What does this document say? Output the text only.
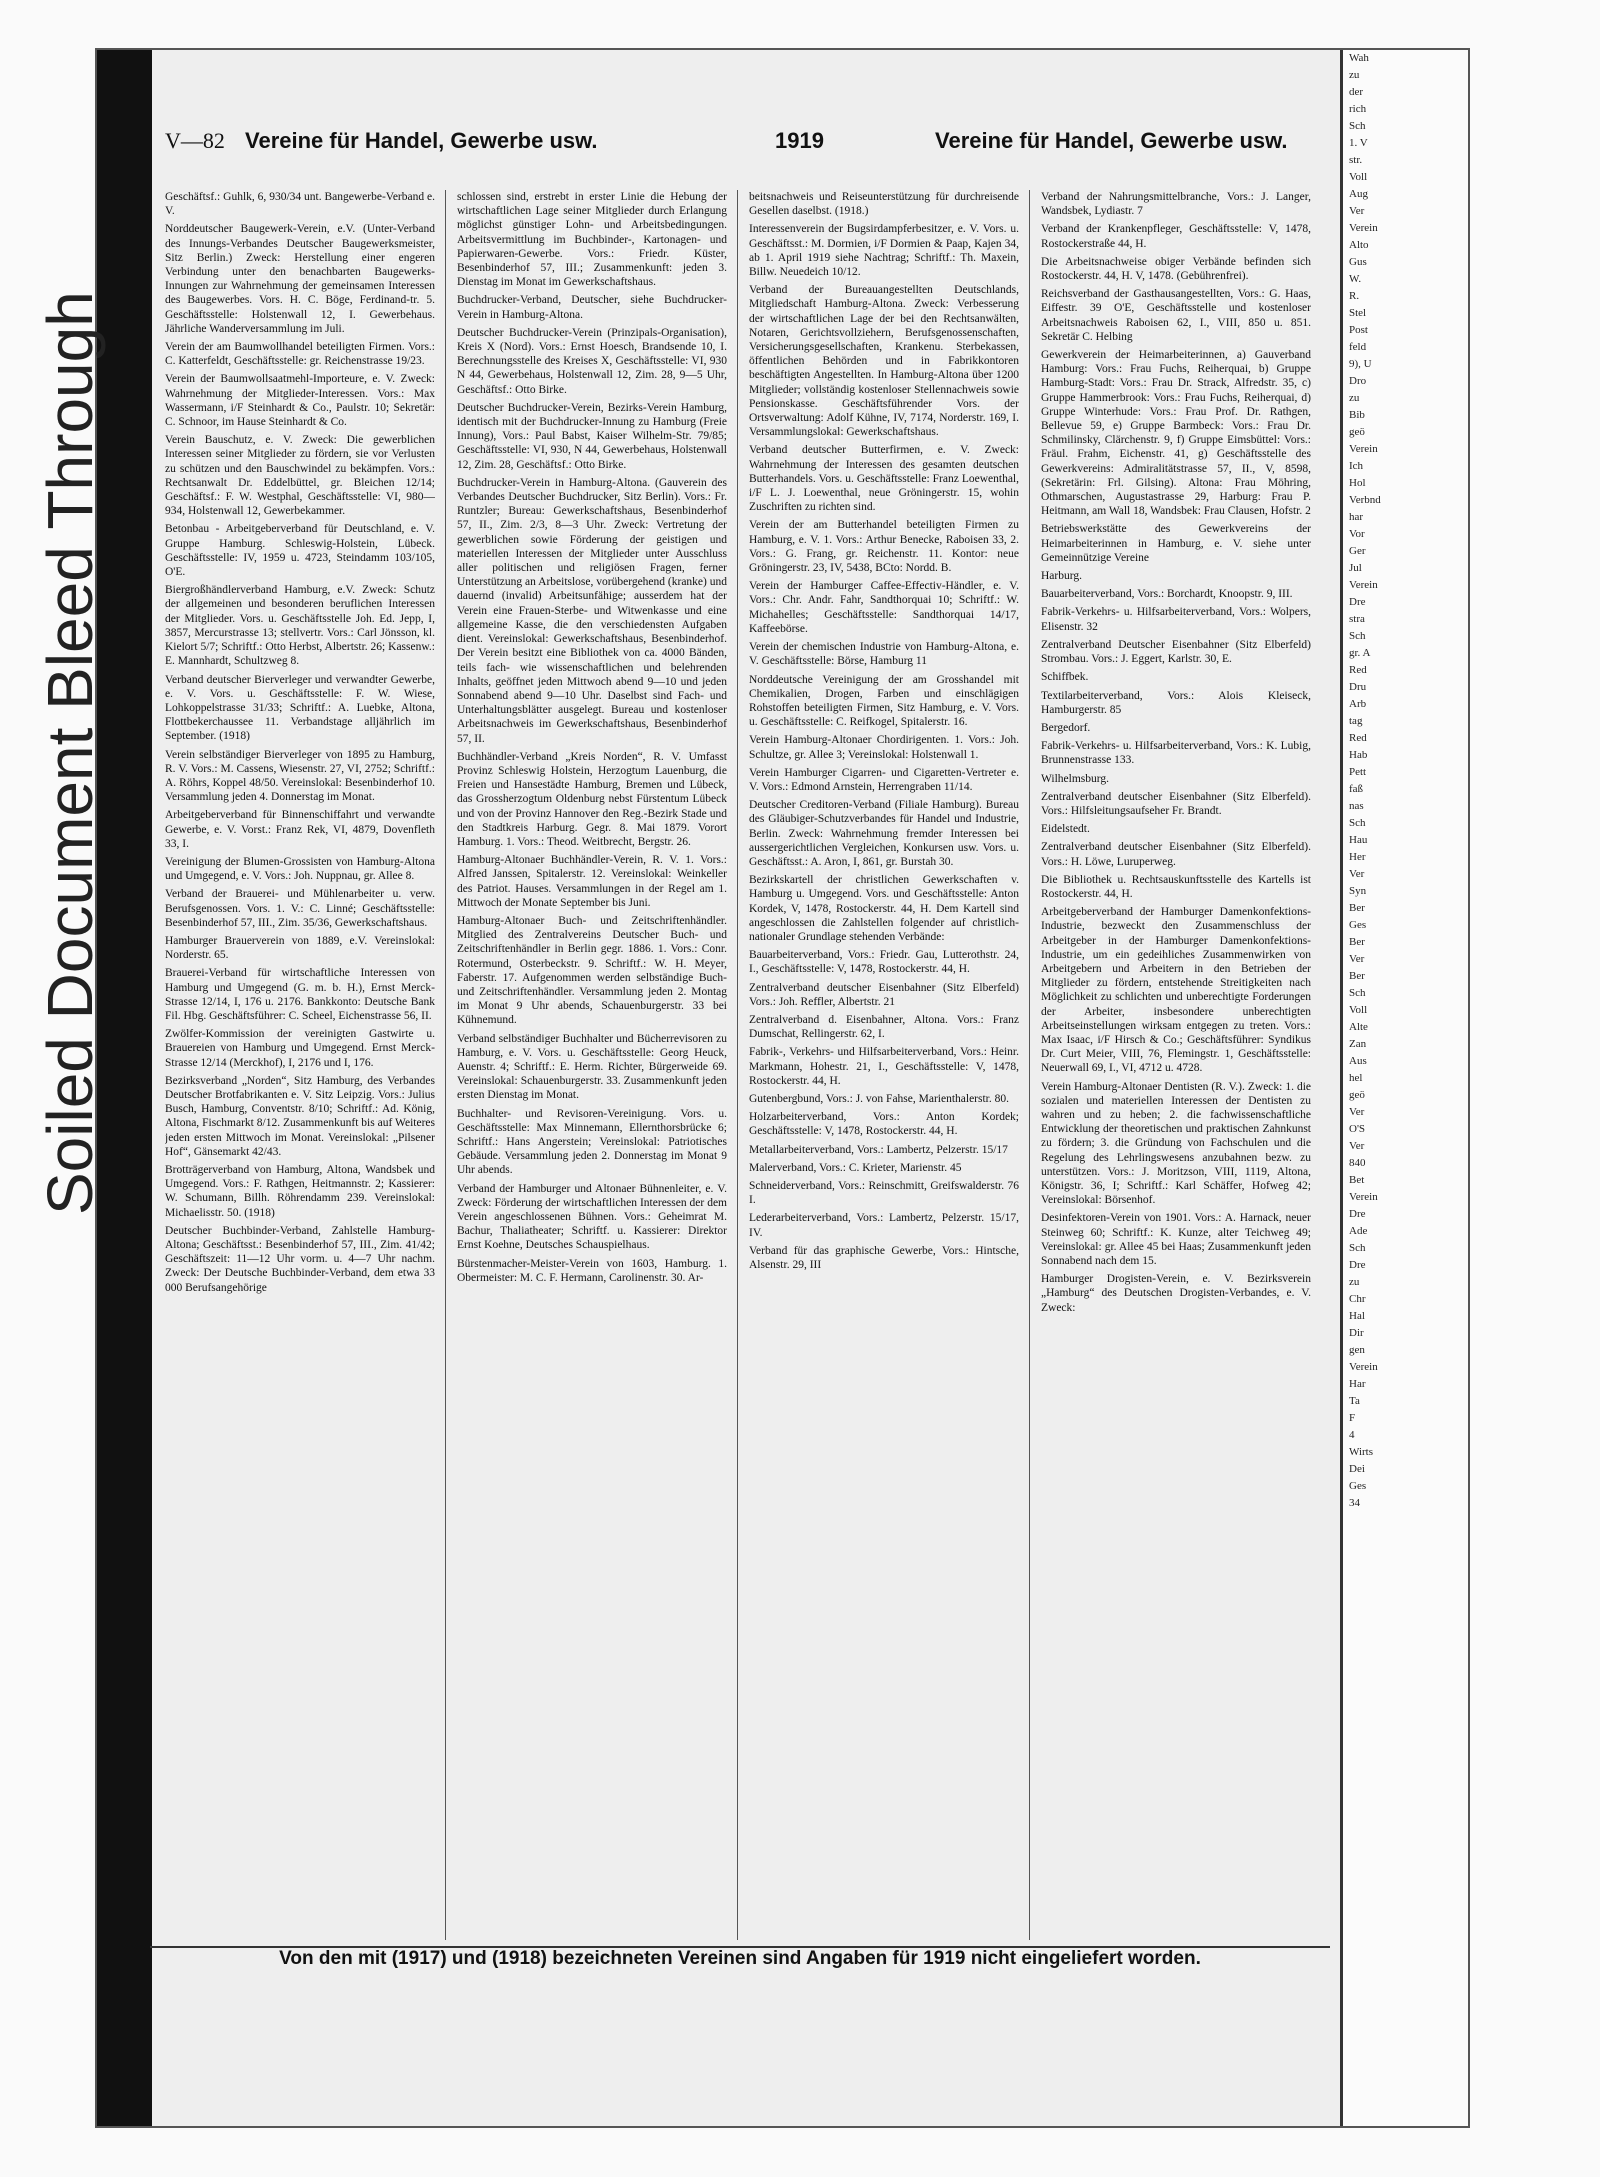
Wah
zu
der
rich
Sch
1. V
str.
Voll
Aug
Ver
Verein
Alto
Gus
W.
R.
Stel
Post
feld
9), U
Dro
zu
Bib
geö
Verein
Ich
Hol
Verbnd
har
Vor
Ger
Jul
Verein
Dre
stra
Sch
gr. A
Red
Dru
Arb
tag
Red
Hab
Pett
faß
nas
Sch
Hau
Her
Ver
Syn
Ber
Ges
Ber
Ver
Ber
Sch
Voll
Alte
Zan
Aus
hel
geö
Ver
O'S
Ver
840
Bet
Verein
Dre
Ade
Sch
Dre
zu
Chr
Hal
Dir
gen
Verein
Har
Ta
F
4
Wirts
Dei
Ges
34
Soiled Document Bleed Through
V—82 Vereine für Handel, Gewerbe usw.	1919	Vereine für Handel, Gewerbe usw.

Geschäftsf.: Guhlk, 6, 930/34 unt. Bangewerbe-Verband e. V.

Norddeutscher Baugewerk-Verein, e.V. (Unter-Verband des Innungs-Verbandes Deutscher Baugewerksmeister, Sitz Berlin.) Zweck: Herstellung einer engeren Verbindung unter den benachbarten Baugewerks-Innungen zur Wahrnehmung der gemeinsamen Interessen des Baugewerbes. Vors. H. C. Böge, Ferdinand-tr. 5. Geschäftsstelle: Holstenwall 12, I. Gewerbehaus. Jährliche Wanderversammlung im Juli.

Verein der am Baumwollhandel beteiligten Firmen. Vors.: C. Katterfeldt, Geschäftsstelle: gr. Reichenstrasse 19/23.

Verein der Baumwollsaatmehl-Importeure, e. V. Zweck: Wahrnehmung der Mitglieder-Interessen. Vors.: Max Wassermann, i/F Steinhardt & Co., Paulstr. 10; Sekretär: C. Schnoor, im Hause Steinhardt & Co.

Verein Bauschutz, e. V. Zweck: Die gewerblichen Interessen seiner Mitglieder zu fördern, sie vor Verlusten zu schützen und den Bauschwindel zu bekämpfen. Vors.: Rechtsanwalt Dr. Eddelbüttel, gr. Bleichen 12/14; Geschäftsf.: F. W. Westphal, Geschäftsstelle: VI, 980—934, Holstenwall 12, Gewerbekammer.

Betonbau - Arbeitgeberverband für Deutschland, e. V. Gruppe Hamburg. Schleswig-Holstein, Lübeck. Geschäftsstelle: IV, 1959 u. 4723, Steindamm 103/105, O'E.

Biergroßhändlerverband Hamburg, e.V. Zweck: Schutz der allgemeinen und besonderen beruflichen Interessen der Mitglieder. Vors. u. Geschäftsstelle Joh. Ed. Jepp, I, 3857, Mercurstrasse 13; stellvertr. Vors.: Carl Jönsson, kl. Kielort 5/7; Schriftf.: Otto Herbst, Albertstr. 26; Kassenw.: E. Mannhardt, Schultzweg 8.

Verband deutscher Bierverleger und verwandter Gewerbe, e. V. Vors. u. Geschäftsstelle: F. W. Wiese, Lohkoppelstrasse 31/33; Schriftf.: A. Luebke, Altona, Flottbekerchaussee 11. Verbandstage alljährlich im September. (1918)

Verein selbständiger Bierverleger von 1895 zu Hamburg, R. V. Vors.: M. Cassens, Wiesenstr. 27, VI, 2752; Schriftf.: A. Röhrs, Koppel 48/50. Vereinslokal: Besenbinderhof 10. Versammlung jeden 4. Donnerstag im Monat.

Arbeitgeberverband für Binnenschiffahrt und verwandte Gewerbe, e. V. Vorst.: Franz Rek, VI, 4879, Dovenfleth 33, I.

Vereinigung der Blumen-Grossisten von Hamburg-Altona und Umgegend, e. V. Vors.: Joh. Nuppnau, gr. Allee 8.

Verband der Brauerei- und Mühlenarbeiter u. verw. Berufsgenossen. Vors. 1. V.: C. Linné; Geschäftsstelle: Besenbinderhof 57, III., Zim. 35/36, Gewerkschaftshaus.

Hamburger Brauerverein von 1889, e.V. Vereinslokal: Norderstr. 65.

Brauerei-Verband für wirtschaftliche Interessen von Hamburg und Umgegend (G. m. b. H.), Ernst Merck-Strasse 12/14, I, 176 u. 2176. Bankkonto: Deutsche Bank Fil. Hbg. Geschäftsführer: C. Scheel, Eichenstrasse 56, II.

Zwölfer-Kommission der vereinigten Gastwirte u. Brauereien von Hamburg und Umgegend. Ernst Merck-Strasse 12/14 (Merckhof), I, 2176 und I, 176.

Bezirksverband „Norden“, Sitz Hamburg, des Verbandes Deutscher Brotfabrikanten e. V. Sitz Leipzig. Vors.: Julius Busch, Hamburg, Conventstr. 8/10; Schriftf.: Ad. König, Altona, Fischmarkt 8/12. Zusammenkunft bis auf Weiteres jeden ersten Mittwoch im Monat. Vereinslokal: „Pilsener Hof“, Gänsemarkt 42/43.

Brotträgerverband von Hamburg, Altona, Wandsbek und Umgegend. Vors.: F. Rathgen, Heitmannstr. 2; Kassierer: W. Schumann, Billh. Röhrendamm 239. Vereinslokal: Michaelisstr. 50. (1918)

Deutscher Buchbinder-Verband, Zahlstelle Hamburg-Altona; Geschäftsst.: Besenbinderhof 57, III., Zim. 41/42; Geschäftszeit: 11—12 Uhr vorm. u. 4—7 Uhr nachm. Zweck: Der Deutsche Buchbinder-Verband, dem etwa 33 000 Berufsangehörige

schlossen sind, erstrebt in erster Linie die Hebung der wirtschaftlichen Lage seiner Mitglieder durch Erlangung möglichst günstiger Lohn- und Arbeitsbedingungen. Arbeitsvermittlung im Buchbinder-, Kartonagen- und Papierwaren-Gewerbe. Vors.: Friedr. Küster, Besenbinderhof 57, III.; Zusammenkunft: jeden 3. Dienstag im Monat im Gewerkschaftshaus.

Buchdrucker-Verband, Deutscher, siehe Buchdrucker-Verein in Hamburg-Altona.

Deutscher Buchdrucker-Verein (Prinzipals-Organisation), Kreis X (Nord). Vors.: Ernst Hoesch, Brandsende 10, I. Berechnungsstelle des Kreises X, Geschäftsstelle: VI, 930 N 44, Gewerbehaus, Holstenwall 12, Zim. 28, 9—5 Uhr, Geschäftsf.: Otto Birke.

Deutscher Buchdrucker-Verein, Bezirks-Verein Hamburg, identisch mit der Buchdrucker-Innung zu Hamburg (Freie Innung), Vors.: Paul Babst, Kaiser Wilhelm-Str. 79/85; Geschäftsstelle: VI, 930, N 44, Gewerbehaus, Holstenwall 12, Zim. 28, Geschäftsf.: Otto Birke.

Buchdrucker-Verein in Hamburg-Altona. (Gauverein des Verbandes Deutscher Buchdrucker, Sitz Berlin). Vors.: Fr. Runtzler; Bureau: Gewerkschaftshaus, Besenbinderhof 57, II., Zim. 2/3, 8—3 Uhr. Zweck: Vertretung der gewerblichen sowie Förderung der geistigen und materiellen Interessen der Mitglieder unter Ausschluss aller politischen und religiösen Fragen, ferner Unterstützung an Arbeitslose, vorübergehend (kranke) und dauernd (invalid) Arbeitsunfähige; ausserdem hat der Verein eine Frauen-Sterbe- und Witwenkasse und eine allgemeine Kasse, die den verschiedensten Aufgaben dient. Vereinslokal: Gewerkschaftshaus, Besenbinderhof. Der Verein besitzt eine Bibliothek von ca. 4000 Bänden, teils fach- wie wissenschaftlichen und belehrenden Inhalts, geöffnet jeden Mittwoch abend 9—10 und jeden Sonnabend abend 9—10 Uhr. Daselbst sind Fach- und Unterhaltungsblätter ausgelegt. Bureau und kostenloser Arbeitsnachweis im Gewerkschaftshaus, Besenbinderhof 57, II.

Buchhändler-Verband „Kreis Norden“, R. V. Umfasst Provinz Schleswig Holstein, Herzogtum Lauenburg, die Freien und Hansestädte Hamburg, Bremen und Lübeck, das Grossherzogtum Oldenburg nebst Fürstentum Lübeck und von der Provinz Hannover den Reg.-Bezirk Stade und den Stadtkreis Harburg. Gegr. 8. Mai 1879. Vorort Hamburg. 1. Vors.: Theod. Weitbrecht, Bergstr. 26.

Hamburg-Altonaer Buchhändler-Verein, R. V. 1. Vors.: Alfred Janssen, Spitalerstr. 12. Vereinslokal: Weinkeller des Patriot. Hauses. Versammlungen in der Regel am 1. Mittwoch der Monate September bis Juni.

Hamburg-Altonaer Buch- und Zeitschriftenhändler. Mitglied des Zentralvereins Deutscher Buch- und Zeitschriftenhändler in Berlin gegr. 1886. 1. Vors.: Conr. Rotermund, Osterbeckstr. 9. Schriftf.: W. H. Meyer, Faberstr. 17. Aufgenommen werden selbständige Buch- und Zeitschriftenhändler. Versammlung jeden 2. Montag im Monat 9 Uhr abends, Schauenburgerstr. 33 bei Kühnemund.

Verband selbständiger Buchhalter und Bücherrevisoren zu Hamburg, e. V. Vors. u. Geschäftsstelle: Georg Heuck, Auenstr. 4; Schriftf.: E. Herm. Richter, Bürgerweide 69. Vereinslokal: Schauenburgerstr. 33. Zusammenkunft jeden ersten Dienstag im Monat.

Buchhalter- und Revisoren-Vereinigung. Vors. u. Geschäftsstelle: Max Minnemann, Ellernthorsbrücke 6; Schriftf.: Hans Angerstein; Vereinslokal: Patriotisches Gebäude. Versammlung jeden 2. Donnerstag im Monat 9 Uhr abends.

Verband der Hamburger und Altonaer Bühnenleiter, e. V. Zweck: Förderung der wirtschaftlichen Interessen der dem Verein angeschlossenen Bühnen. Vors.: Geheimrat M. Bachur, Thaliatheater; Schriftf. u. Kassierer: Direktor Ernst Koehne, Deutsches Schauspielhaus.

Bürstenmacher-Meister-Verein von 1603, Hamburg. 1. Obermeister: M. C. F. Hermann, Carolinenstr. 30. Ar-

beitsnachweis und Reiseunterstützung für durchreisende Gesellen daselbst. (1918.)

Interessenverein der Bugsirdampferbesitzer, e. V. Vors. u. Geschäftsst.: M. Dormien, i/F Dormien & Paap, Kajen 34, ab 1. April 1919 siehe Nachtrag; Schriftf.: Th. Maxein, Billw. Neuedeich 10/12.

Verband der Bureauangestellten Deutschlands, Mitgliedschaft Hamburg-Altona. Zweck: Verbesserung der wirtschaftlichen Lage der bei den Rechtsanwälten, Notaren, Gerichtsvollziehern, Berufsgenossenschaften, Versicherungsgesellschaften, Krankenu. Sterbekassen, öffentlichen Behörden und in Fabrikkontoren beschäftigten Angestellten. In Hamburg-Altona über 1200 Mitglieder; vollständig kostenloser Stellennachweis sowie Pensionskasse. Geschäftsführender Vors. der Ortsverwaltung: Adolf Kühne, IV, 7174, Norderstr. 169, I. Versammlungslokal: Gewerkschaftshaus.

Verband deutscher Butterfirmen, e. V. Zweck: Wahrnehmung der Interessen des gesamten deutschen Butterhandels. Vors. u. Geschäftsstelle: Franz Loewenthal, i/F L. J. Loewenthal, neue Gröningerstr. 15, wohin Zuschriften zu richten sind.

Verein der am Butterhandel beteiligten Firmen zu Hamburg, e. V. 1. Vors.: Arthur Benecke, Raboisen 33, 2. Vors.: G. Frang, gr. Reichenstr. 11. Kontor: neue Gröningerstr. 23, IV, 5438, BCto: Nordd. B.

Verein der Hamburger Caffee-Effectiv-Händler, e. V. Vors.: Chr. Andr. Fahr, Sandthorquai 10; Schriftf.: W. Michahelles; Geschäftsstelle: Sandthorquai 14/17, Kaffeebörse.

Verein der chemischen Industrie von Hamburg-Altona, e. V. Geschäftsstelle: Börse, Hamburg 11

Norddeutsche Vereinigung der am Grosshandel mit Chemikalien, Drogen, Farben und einschlägigen Rohstoffen beteiligten Firmen, Sitz Hamburg, e. V. Vors. u. Geschäftsstelle: C. Reifkogel, Spitalerstr. 16.

Verein Hamburg-Altonaer Chordirigenten. 1. Vors.: Joh. Schultze, gr. Allee 3; Vereinslokal: Holstenwall 1.

Verein Hamburger Cigarren- und Cigaretten-Vertreter e. V. Vors.: Edmond Arnstein, Herrengraben 11/14.

Deutscher Creditoren-Verband (Filiale Hamburg). Bureau des Gläubiger-Schutzverbandes für Handel und Industrie, Berlin. Zweck: Wahrnehmung fremder Interessen bei aussergerichtlichen Vergleichen, Konkursen usw. Vors. u. Geschäftsst.: A. Aron, I, 861, gr. Burstah 30.

Bezirkskartell der christlichen Gewerkschaften v. Hamburg u. Umgegend. Vors. und Geschäftsstelle: Anton Kordek, V, 1478, Rostockerstr. 44, H. Dem Kartell sind angeschlossen die Zahlstellen folgender auf christlich-nationaler Grundlage stehenden Verbände:

Bauarbeiterverband, Vors.: Friedr. Gau, Lutterothstr. 24, I., Geschäftsstelle: V, 1478, Rostockerstr. 44, H.

Zentralverband deutscher Eisenbahner (Sitz Elberfeld) Vors.: Joh. Reffler, Albertstr. 21

Zentralverband d. Eisenbahner, Altona. Vors.: Franz Dumschat, Rellingerstr. 62, I.

Fabrik-, Verkehrs- und Hilfsarbeiterverband, Vors.: Heinr. Markmann, Hohestr. 21, I., Geschäftsstelle: V, 1478, Rostockerstr. 44, H.

Gutenbergbund, Vors.: J. von Fahse, Marienthalerstr. 80.

Holzarbeiterverband, Vors.: Anton Kordek; Geschäftsstelle: V, 1478, Rostockerstr. 44, H.

Metallarbeiterverband, Vors.: Lambertz, Pelzerstr. 15/17

Malerverband, Vors.: C. Krieter, Marienstr. 45

Schneiderverband, Vors.: Reinschmitt, Greifswalderstr. 76 I.

Lederarbeiterverband, Vors.: Lambertz, Pelzerstr. 15/17, IV.

Verband für das graphische Gewerbe, Vors.: Hintsche, Alsenstr. 29, III

Verband der Nahrungsmittelbranche, Vors.: J. Langer, Wandsbek, Lydiastr. 7

Verband der Krankenpfleger, Geschäftsstelle: V, 1478, Rostockerstraße 44, H.

Die Arbeitsnachweise obiger Verbände befinden sich Rostockerstr. 44, H. V, 1478. (Gebührenfrei).

Reichsverband der Gasthausangestellten, Vors.: G. Haas, Eiffestr. 39 O'E, Geschäftsstelle und kostenloser Arbeitsnachweis Raboisen 62, I., VIII, 850 u. 851. Sekretär C. Helbing

Gewerkverein der Heimarbeiterinnen, a) Gauverband Hamburg: Vors.: Frau Fuchs, Reiherquai, b) Gruppe Hamburg-Stadt: Vors.: Frau Dr. Strack, Alfredstr. 35, c) Gruppe Hammerbrook: Vors.: Frau Fuchs, Reiherquai, d) Gruppe Winterhude: Vors.: Frau Prof. Dr. Rathgen, Bellevue 59, e) Gruppe Barmbeck: Vors.: Frau Dr. Schmilinsky, Clärchenstr. 9, f) Gruppe Eimsbüttel: Vors.: Fräul. Frahm, Eichenstr. 41, g) Geschäftsstelle des Gewerkvereins: Admiralitätstrasse 57, II., V, 8598, (Sekretärin: Frl. Gilsing). Altona: Frau Möhring, Othmarschen, Augustastrasse 29, Harburg: Frau P. Heitmann, am Wall 18, Wandsbek: Frau Clausen, Hofstr. 2

Betriebswerkstätte des Gewerkvereins der Heimarbeiterinnen in Hamburg, e. V. siehe unter Gemeinnützige Vereine

Harburg.

Bauarbeiterverband, Vors.: Borchardt, Knoopstr. 9, III.

Fabrik-Verkehrs- u. Hilfsarbeiterverband, Vors.: Wolpers, Elisenstr. 32

Zentralverband Deutscher Eisenbahner (Sitz Elberfeld) Strombau. Vors.: J. Eggert, Karlstr. 30, E.

Schiffbek.

Textilarbeiterverband, Vors.: Alois Kleiseck, Hamburgerstr. 85

Bergedorf.

Fabrik-Verkehrs- u. Hilfsarbeiterverband, Vors.: K. Lubig, Brunnenstrasse 133.

Wilhelmsburg.

Zentralverband deutscher Eisenbahner (Sitz Elberfeld). Vors.: Hilfsleitungsaufseher Fr. Brandt.

Eidelstedt.

Zentralverband deutscher Eisenbahner (Sitz Elberfeld). Vors.: H. Löwe, Luruperweg.

Die Bibliothek u. Rechtsauskunftsstelle des Kartells ist Rostockerstr. 44, H.

Arbeitgeberverband der Hamburger Damenkonfektions-Industrie, bezweckt den Zusammenschluss der Arbeitgeber in der Hamburger Damenkonfektions-Industrie, um ein gedeihliches Zusammenwirken von Arbeitgebern und Arbeitern in den Betrieben der Mitglieder zu fördern, entstehende Streitigkeiten nach Möglichkeit zu schlichten und unberechtigte Forderungen der Arbeiter, insbesondere unberechtigten Arbeitseinstellungen wirksam entgegen zu treten. Vors.: Max Isaac, i/F Hirsch & Co.; Geschäftsführer: Syndikus Dr. Curt Meier, VIII, 76, Flemingstr. 1, Geschäftsstelle: Neuerwall 69, I., VI, 4712 u. 4728.

Verein Hamburg-Altonaer Dentisten (R. V.). Zweck: 1. die sozialen und materiellen Interessen der Dentisten zu wahren und zu heben; 2. die fachwissenschaftliche Entwicklung der theoretischen und praktischen Zahnkunst zu fördern; 3. die Gründung von Fachschulen und die Regelung des Lehrlingswesens anzubahnen bezw. zu unterstützen. Vors.: J. Moritzson, VIII, 1119, Altona, Königstr. 36, I; Schriftf.: Karl Schäffer, Hofweg 42; Vereinslokal: Börsenhof.

Desinfektoren-Verein von 1901. Vors.: A. Harnack, neuer Steinweg 60; Schriftf.: K. Kunze, alter Teichweg 49; Vereinslokal: gr. Allee 45 bei Haas; Zusammenkunft jeden Sonnabend nach dem 15.

Hamburger Drogisten-Verein, e. V. Bezirksverein „Hamburg“ des Deutschen Drogisten-Verbandes, e. V. Zweck:

Von den mit (1917) und (1918) bezeichneten Vereinen sind Angaben für 1919 nicht eingeliefert worden.
